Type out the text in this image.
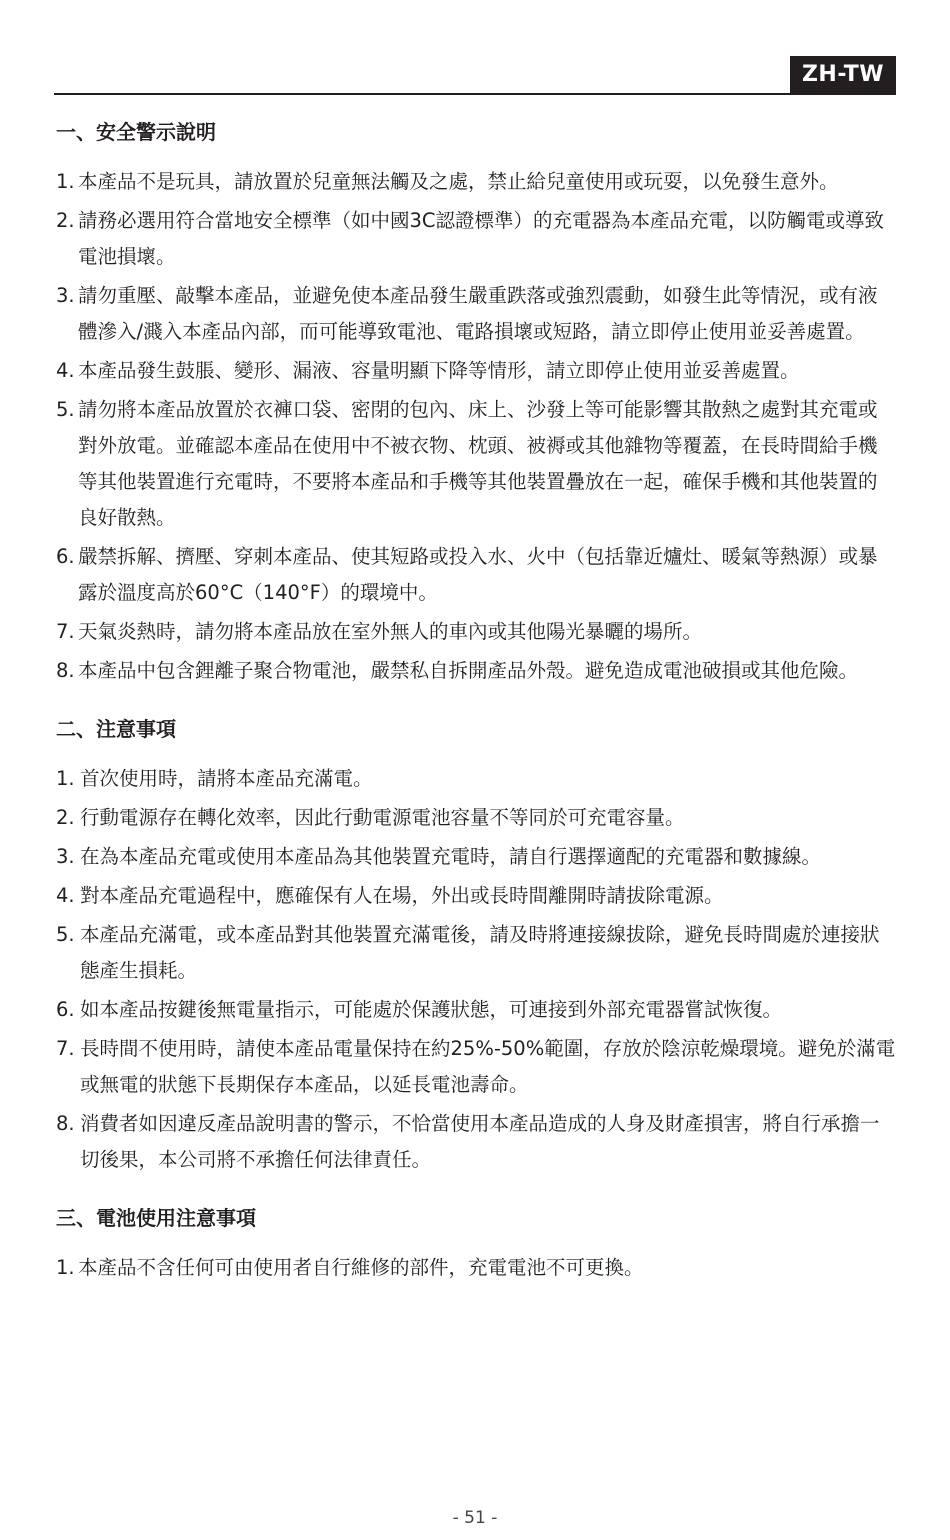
ZH-TW
一、安全警示說明
1. 本產品不是玩具，請放置於兒童無法觸及之處，禁止給兒童使用或玩耍，以免發生意外。
2. 請務必選用符合當地安全標準（如中國3C認證標準）的充電器為本產品充電，以防觸電或導致電池損壞。
3. 請勿重壓、敲擊本產品，並避免使本產品發生嚴重跌落或強烈震動，如發生此等情況，或有液體滲入/濺入本產品內部，而可能導致電池、電路損壞或短路，請立即停止使用並妥善處置。
4. 本產品發生鼓脹、變形、漏液、容量明顯下降等情形，請立即停止使用並妥善處置。
5. 請勿將本產品放置於衣褲口袋、密閉的包內、床上、沙發上等可能影響其散熱之處對其充電或對外放電。並確認本產品在使用中不被衣物、枕頭、被褥或其他雜物等覆蓋，在長時間給手機等其他裝置進行充電時，不要將本產品和手機等其他裝置疊放在一起，確保手機和其他裝置的良好散熱。
6. 嚴禁拆解、擠壓、穿刺本產品、使其短路或投入水、火中（包括靠近爐灶、暖氣等熱源）或暴露於溫度高於60°C（140°F）的環境中。
7. 天氣炎熱時，請勿將本產品放在室外無人的車內或其他陽光暴曬的場所。
8. 本產品中包含鋰離子聚合物電池，嚴禁私自拆開產品外殼。避免造成電池破損或其他危險。
二、注意事項
1. 首次使用時，請將本產品充滿電。
2. 行動電源存在轉化效率，因此行動電源電池容量不等同於可充電容量。
3. 在為本產品充電或使用本產品為其他裝置充電時，請自行選擇適配的充電器和數據線。
4. 對本產品充電過程中，應確保有人在場，外出或長時間離開時請拔除電源。
5. 本產品充滿電，或本產品對其他裝置充滿電後，請及時將連接線拔除，避免長時間處於連接狀態產生損耗。
6. 如本產品按鍵後無電量指示，可能處於保護狀態，可連接到外部充電器嘗試恢復。
7. 長時間不使用時，請使本產品電量保持在約25%-50%範圍，存放於陰涼乾燥環境。避免於滿電或無電的狀態下長期保存本產品，以延長電池壽命。
8. 消費者如因違反產品說明書的警示，不恰當使用本產品造成的人身及財產損害，將自行承擔一切後果，本公司將不承擔任何法律責任。
三、電池使用注意事項
1. 本產品不含任何可由使用者自行維修的部件，充電電池不可更換。
- 51 -
